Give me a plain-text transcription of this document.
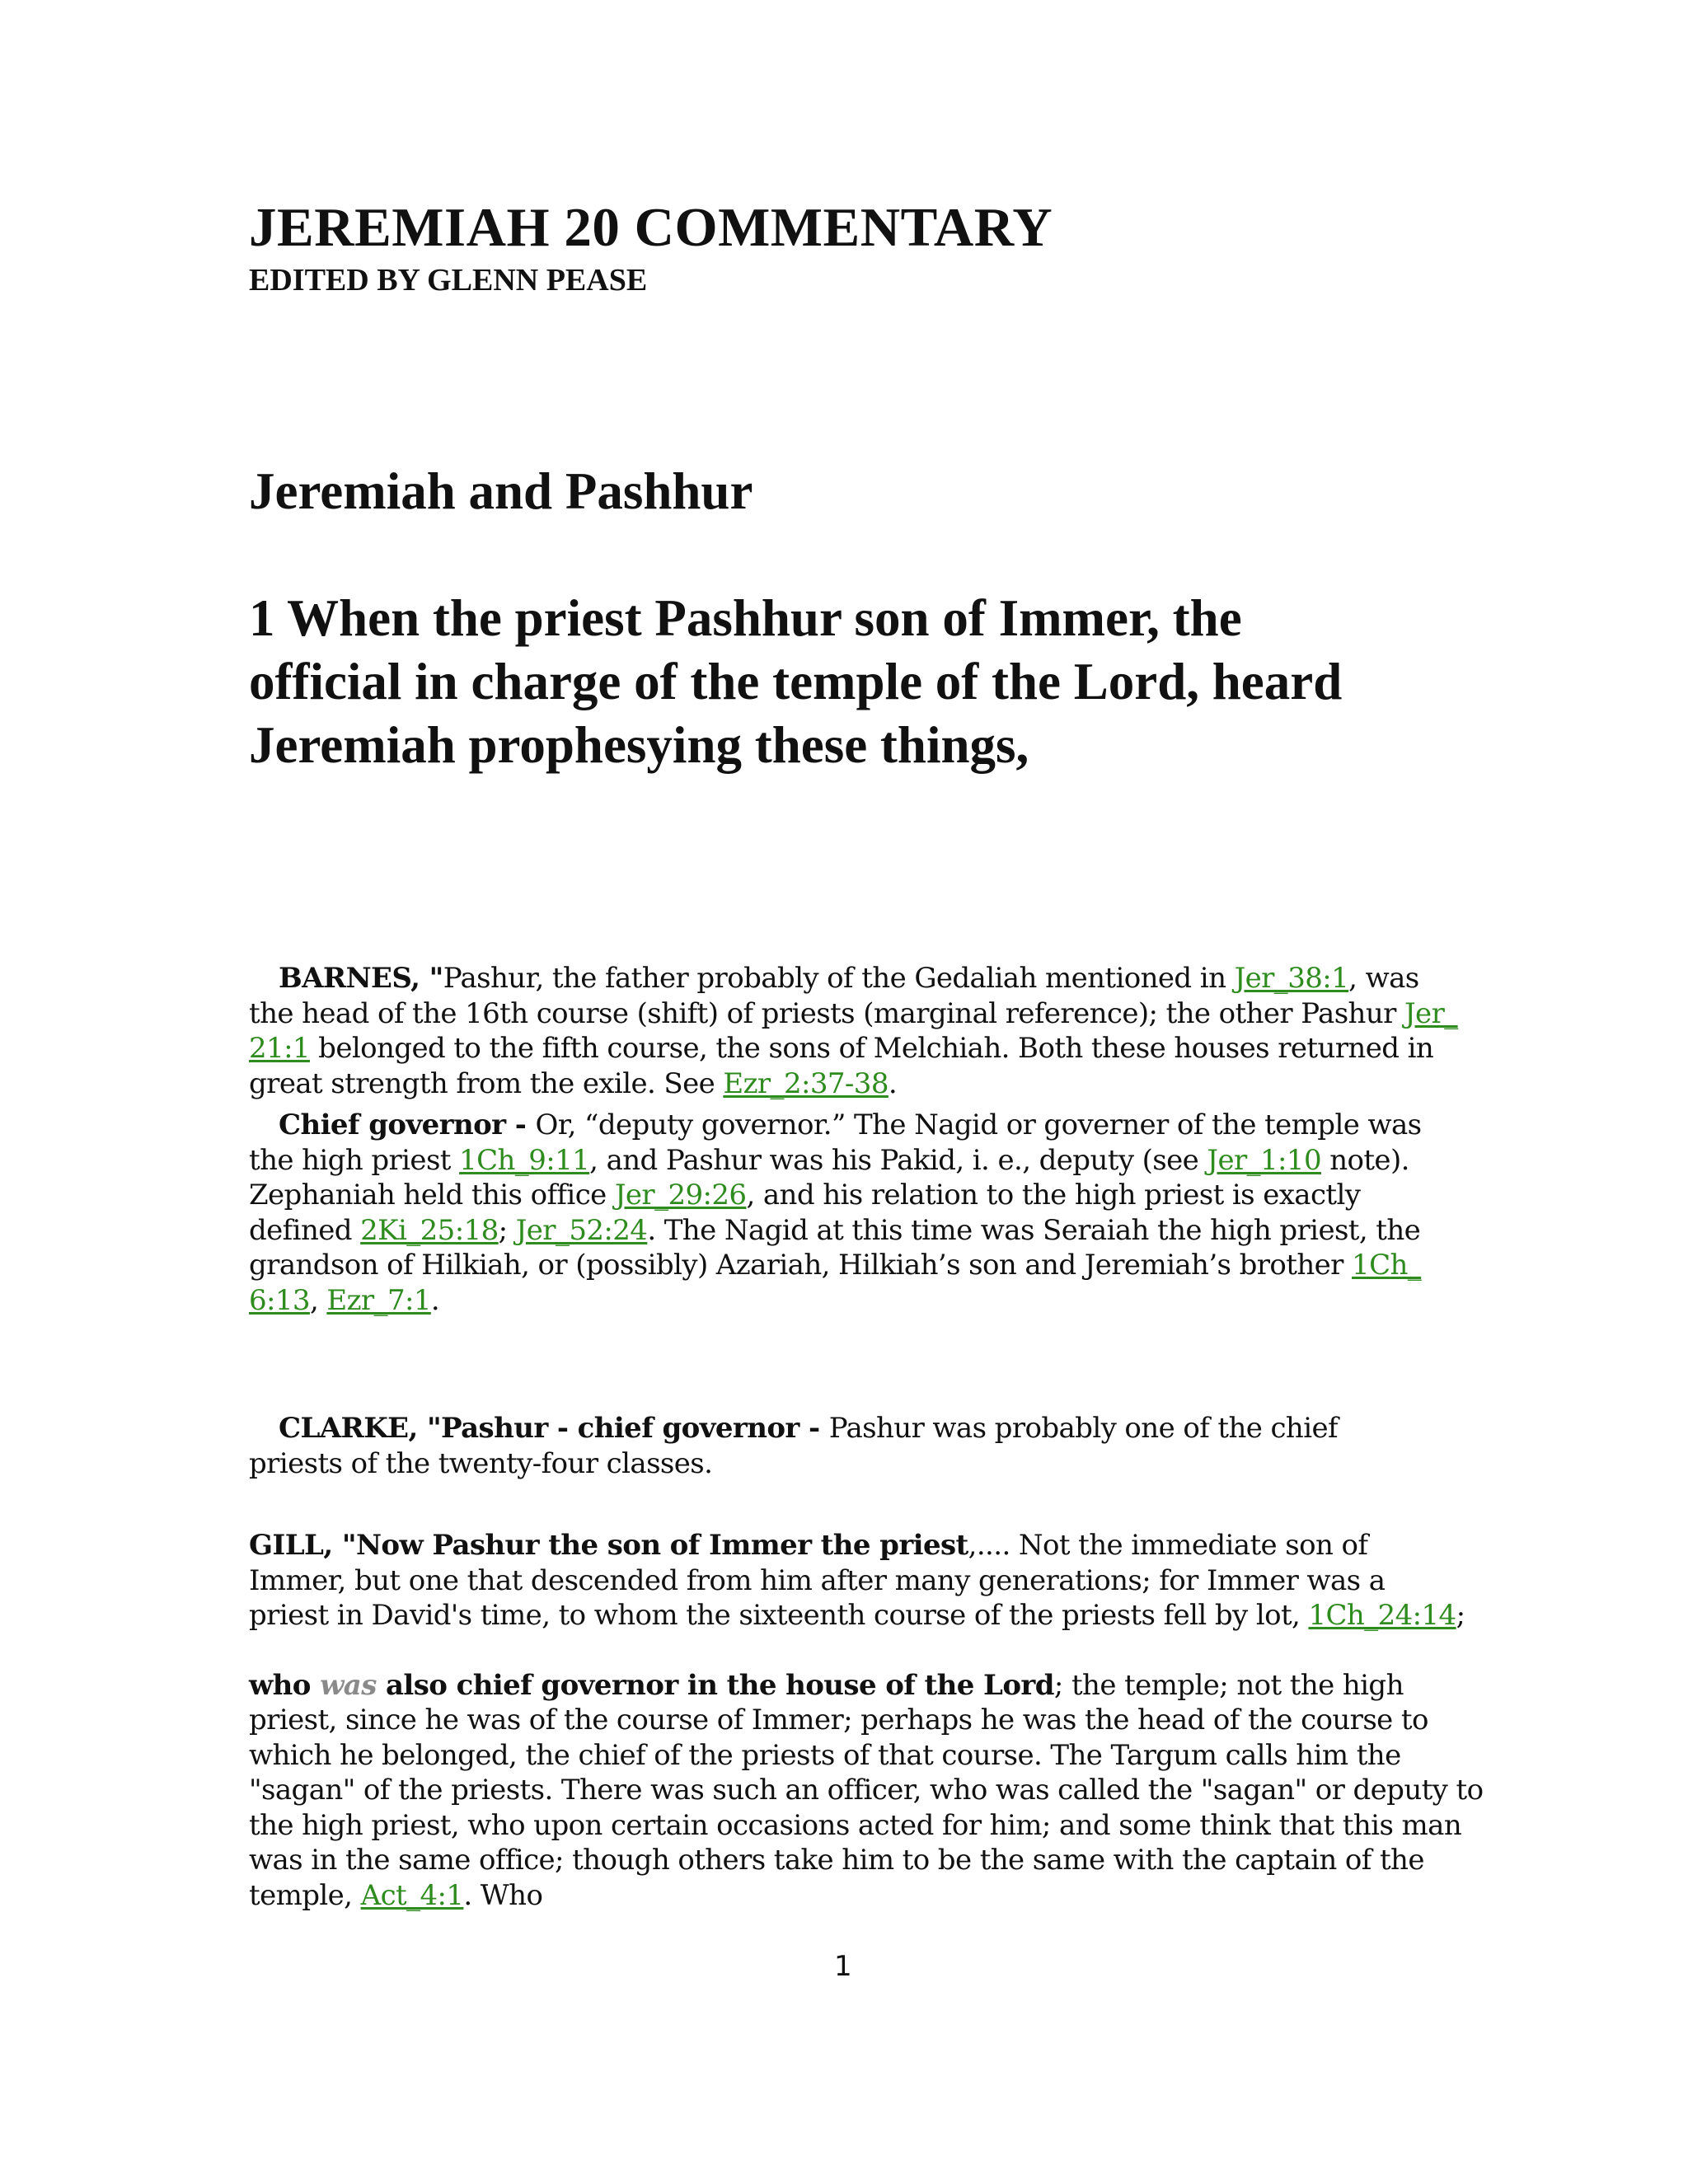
JEREMIAH 20 COMMENTARY
EDITED BY GLENN PEASE
Jeremiah and Pashhur
1 When the priest Pashhur son of Immer, the
official in charge of the temple of the Lord, heard
Jeremiah prophesying these things,
BARNES, "Pashur, the father probably of the Gedaliah mentioned in Jer_38:1, was
the head of the 16th course (shift) of priests (marginal reference); the other Pashur Jer_
21:1 belonged to the fifth course, the sons of Melchiah. Both these houses returned in
great strength from the exile. See Ezr_2:37-38.
Chief governor - Or, “deputy governor.” The Nagid or governer of the temple was
the high priest 1Ch_9:11, and Pashur was his Pakid, i. e., deputy (see Jer_1:10 note).
Zephaniah held this office Jer_29:26, and his relation to the high priest is exactly
defined 2Ki_25:18; Jer_52:24. The Nagid at this time was Seraiah the high priest, the
grandson of Hilkiah, or (possibly) Azariah, Hilkiah’s son and Jeremiah’s brother 1Ch_
6:13, Ezr_7:1.
CLARKE, "Pashur - chief governor - Pashur was probably one of the chief
priests of the twenty-four classes.
GILL, "Now Pashur the son of Immer the priest,.... Not the immediate son of
Immer, but one that descended from him after many generations; for Immer was a
priest in David's time, to whom the sixteenth course of the priests fell by lot, 1Ch_24:14;
who was also chief governor in the house of the Lord; the temple; not the high
priest, since he was of the course of Immer; perhaps he was the head of the course to
which he belonged, the chief of the priests of that course. The Targum calls him the
"sagan" of the priests. There was such an officer, who was called the "sagan" or deputy to
the high priest, who upon certain occasions acted for him; and some think that this man
was in the same office; though others take him to be the same with the captain of the
temple, Act_4:1. Who
1
